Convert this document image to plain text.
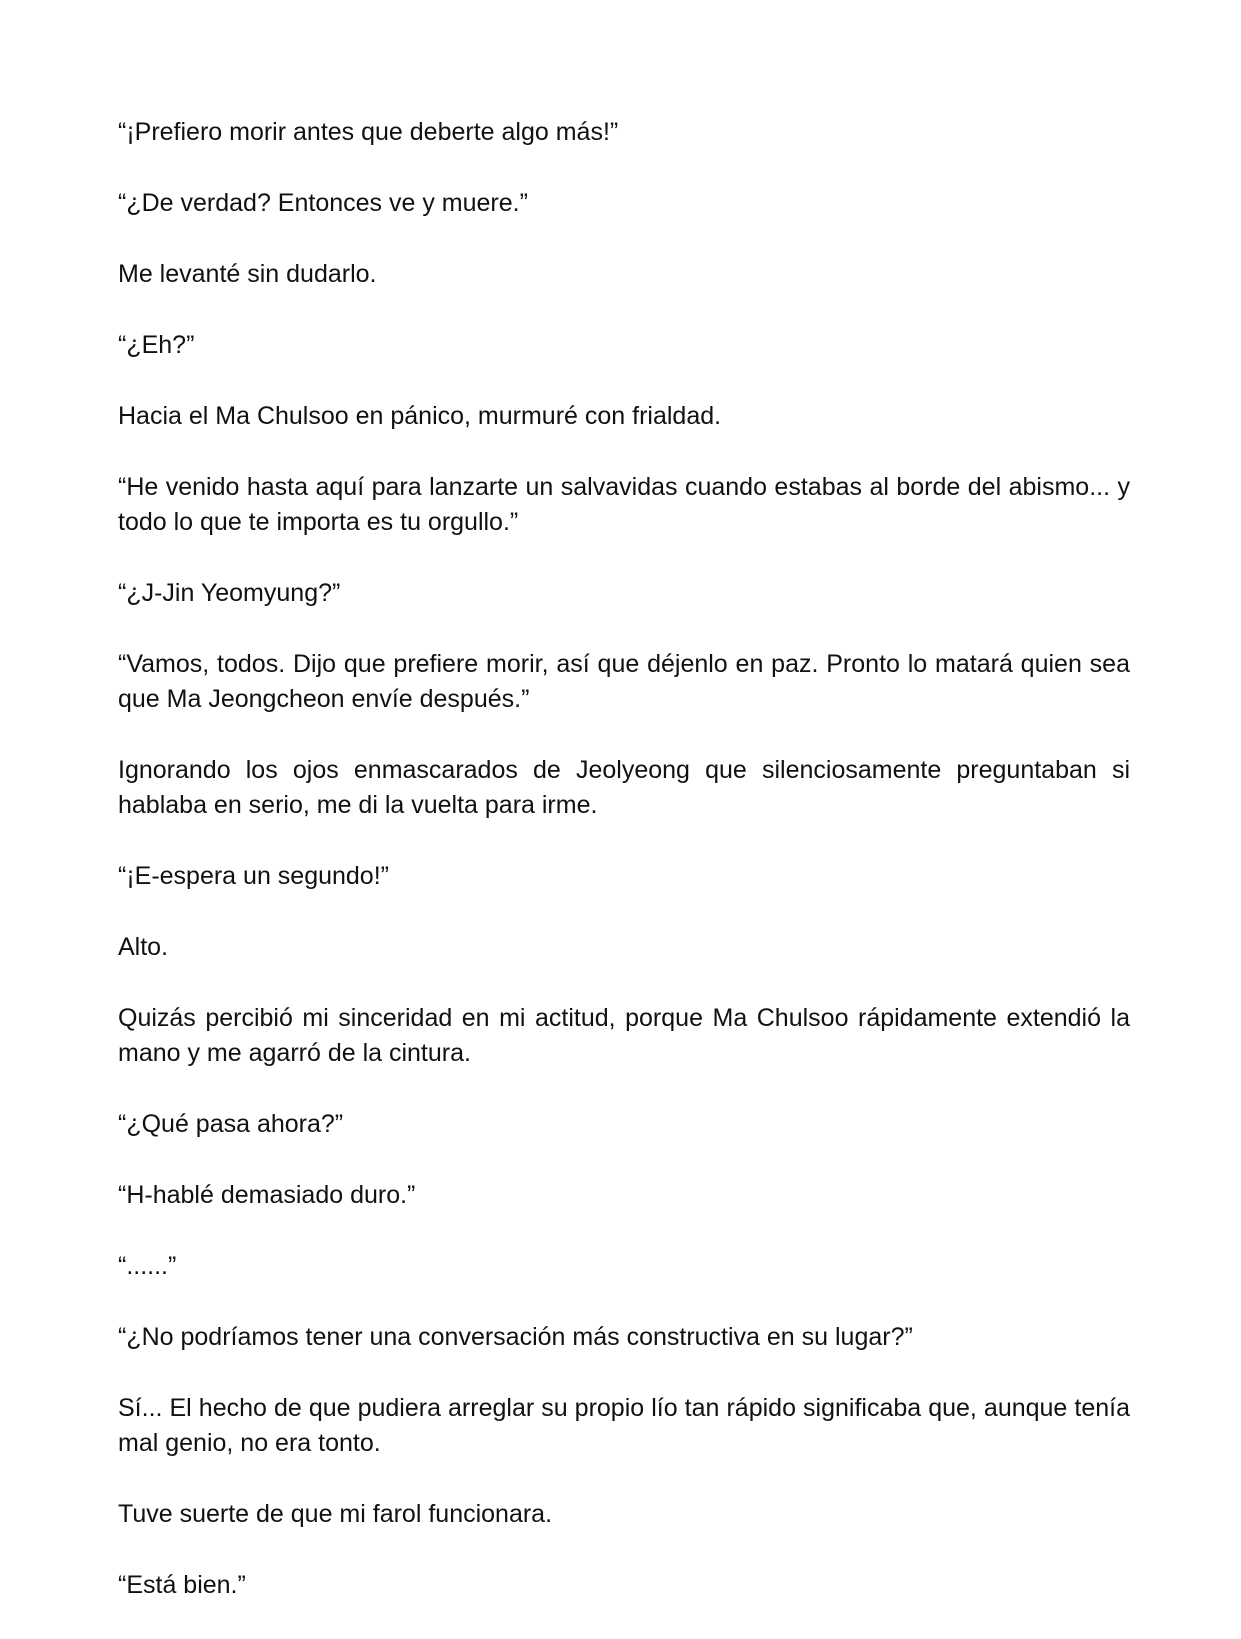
“¡Prefiero morir antes que deberte algo más!”

“¿De verdad? Entonces ve y muere.”

Me levanté sin dudarlo.

“¿Eh?”

Hacia el Ma Chulsoo en pánico, murmuré con frialdad.

“He venido hasta aquí para lanzarte un salvavidas cuando estabas al borde del abismo... y todo lo que te importa es tu orgullo.”

“¿J-Jin Yeomyung?”

“Vamos, todos. Dijo que prefiere morir, así que déjenlo en paz. Pronto lo matará quien sea que Ma Jeongcheon envíe después.”

Ignorando los ojos enmascarados de Jeolyeong que silenciosamente preguntaban si hablaba en serio, me di la vuelta para irme.

“¡E-espera un segundo!”

Alto.

Quizás percibió mi sinceridad en mi actitud, porque Ma Chulsoo rápidamente extendió la mano y me agarró de la cintura.

“¿Qué pasa ahora?”

“H-hablé demasiado duro.”

“......”

“¿No podríamos tener una conversación más constructiva en su lugar?”

Sí... El hecho de que pudiera arreglar su propio lío tan rápido significaba que, aunque tenía mal genio, no era tonto.

Tuve suerte de que mi farol funcionara.

“Está bien.”
